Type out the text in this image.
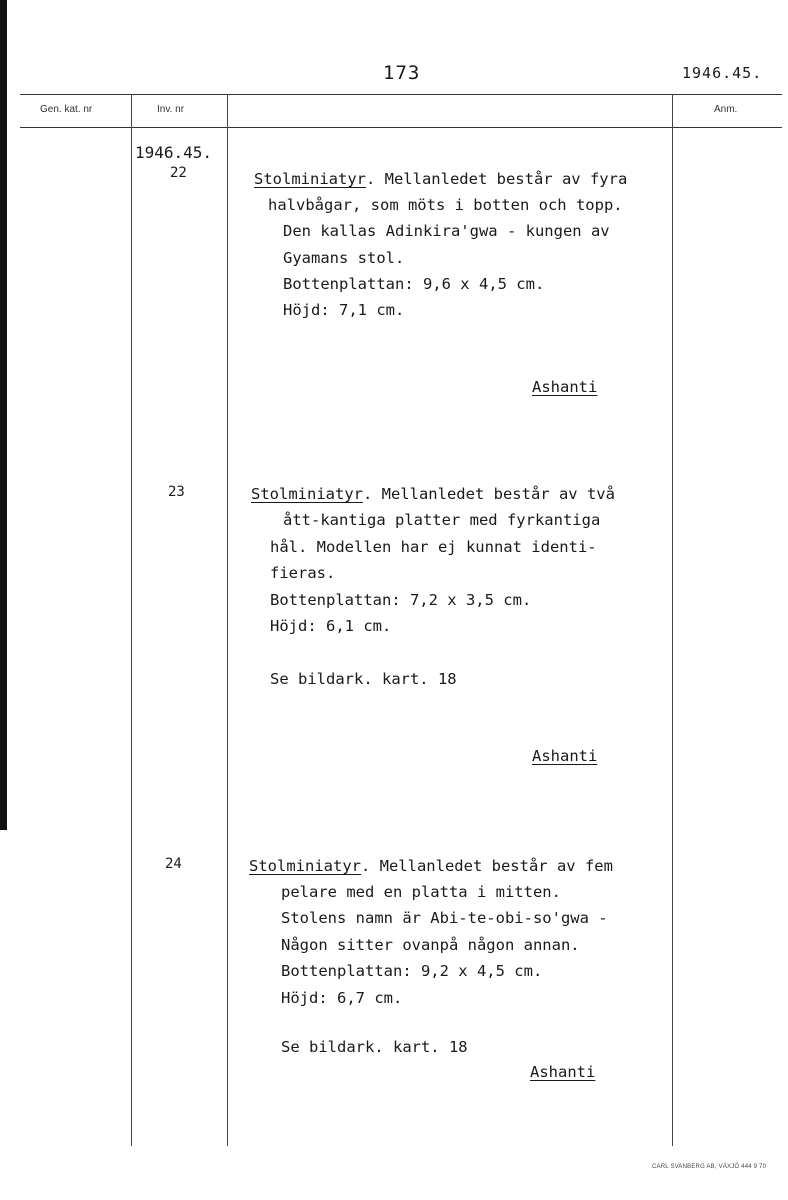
173	1946.45.
Gen. kat. nr	Inv. nr	Anm.
1946.45.
22	Stolminiatyr. Mellanledet består av fyra
halvbågar, som möts i botten och topp.
Den kallas Adinkira'gwa - kungen av
Gyamans stol.
Bottenplattan: 9,6 x 4,5 cm.
Höjd: 7,1 cm.
Ashanti
23	Stolminiatyr. Mellanledet består av två
ått-kantiga platter med fyrkantiga
hål. Modellen har ej kunnat identi-
fieras.
Bottenplattan: 7,2 x 3,5 cm.
Höjd: 6,1 cm.
Se bildark. kart. 18
Ashanti
24	Stolminiatyr. Mellanledet består av fem
pelare med en platta i mitten.
Stolens namn är Abi-te-obi-so'gwa -
Någon sitter ovanpå någon annan.
Bottenplattan: 9,2 x 4,5 cm.
Höjd: 6,7 cm.
Se bildark. kart. 18
Ashanti
CARL SVANBERG AB, VÄXJÖ 444 9 70
